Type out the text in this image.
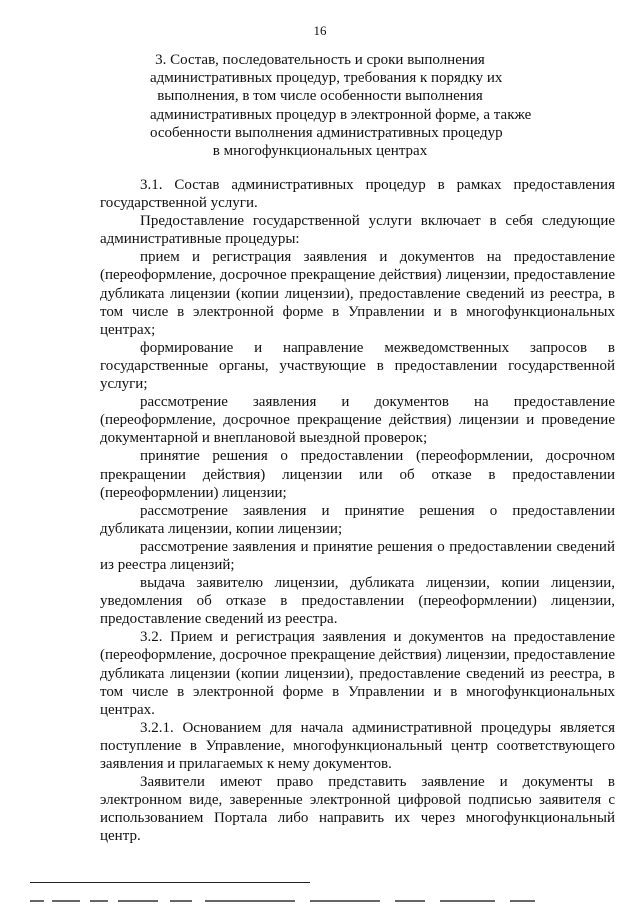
16
3. Состав, последовательность и сроки выполнения
административных процедур, требования к порядку их
выполнения, в том числе особенности выполнения
административных процедур в электронной форме, а также
особенности выполнения административных процедур
в многофункциональных центрах

3.1. Состав административных процедур в рамках предоставления государственной услуги.

Предоставление государственной услуги включает в себя следующие административные процедуры:

прием и регистрация заявления и документов на предоставление (переоформление, досрочное прекращение действия) лицензии, предоставление дубликата лицензии (копии лицензии), предоставление сведений из реестра, в том числе в электронной форме в Управлении и в многофункциональных центрах;

формирование и направление межведомственных запросов в государственные органы, участвующие в предоставлении государственной услуги;

рассмотрение заявления и документов на предоставление (переоформление, досрочное прекращение действия) лицензии и проведение документарной и внеплановой выездной проверок;

принятие решения о предоставлении (переоформлении, досрочном прекращении действия) лицензии или об отказе в предоставлении (переоформлении) лицензии;

рассмотрение заявления и принятие решения о предоставлении дубликата лицензии, копии лицензии;

рассмотрение заявления и принятие решения о предоставлении сведений из реестра лицензий;

выдача заявителю лицензии, дубликата лицензии, копии лицензии, уведомления об отказе в предоставлении (переоформлении) лицензии, предоставление сведений из реестра.

3.2. Прием и регистрация заявления и документов на предоставление (переоформление, досрочное прекращение действия) лицензии, предоставление дубликата лицензии (копии лицензии), предоставление сведений из реестра, в том числе в электронной форме в Управлении и в многофункциональных центрах.

3.2.1. Основанием для начала административной процедуры является поступление в Управление, многофункциональный центр соответствующего заявления и прилагаемых к нему документов.

Заявители имеют право представить заявление и документы в электронном виде, заверенные электронной цифровой подписью заявителя с использованием Портала либо направить их через многофункциональный центр.
